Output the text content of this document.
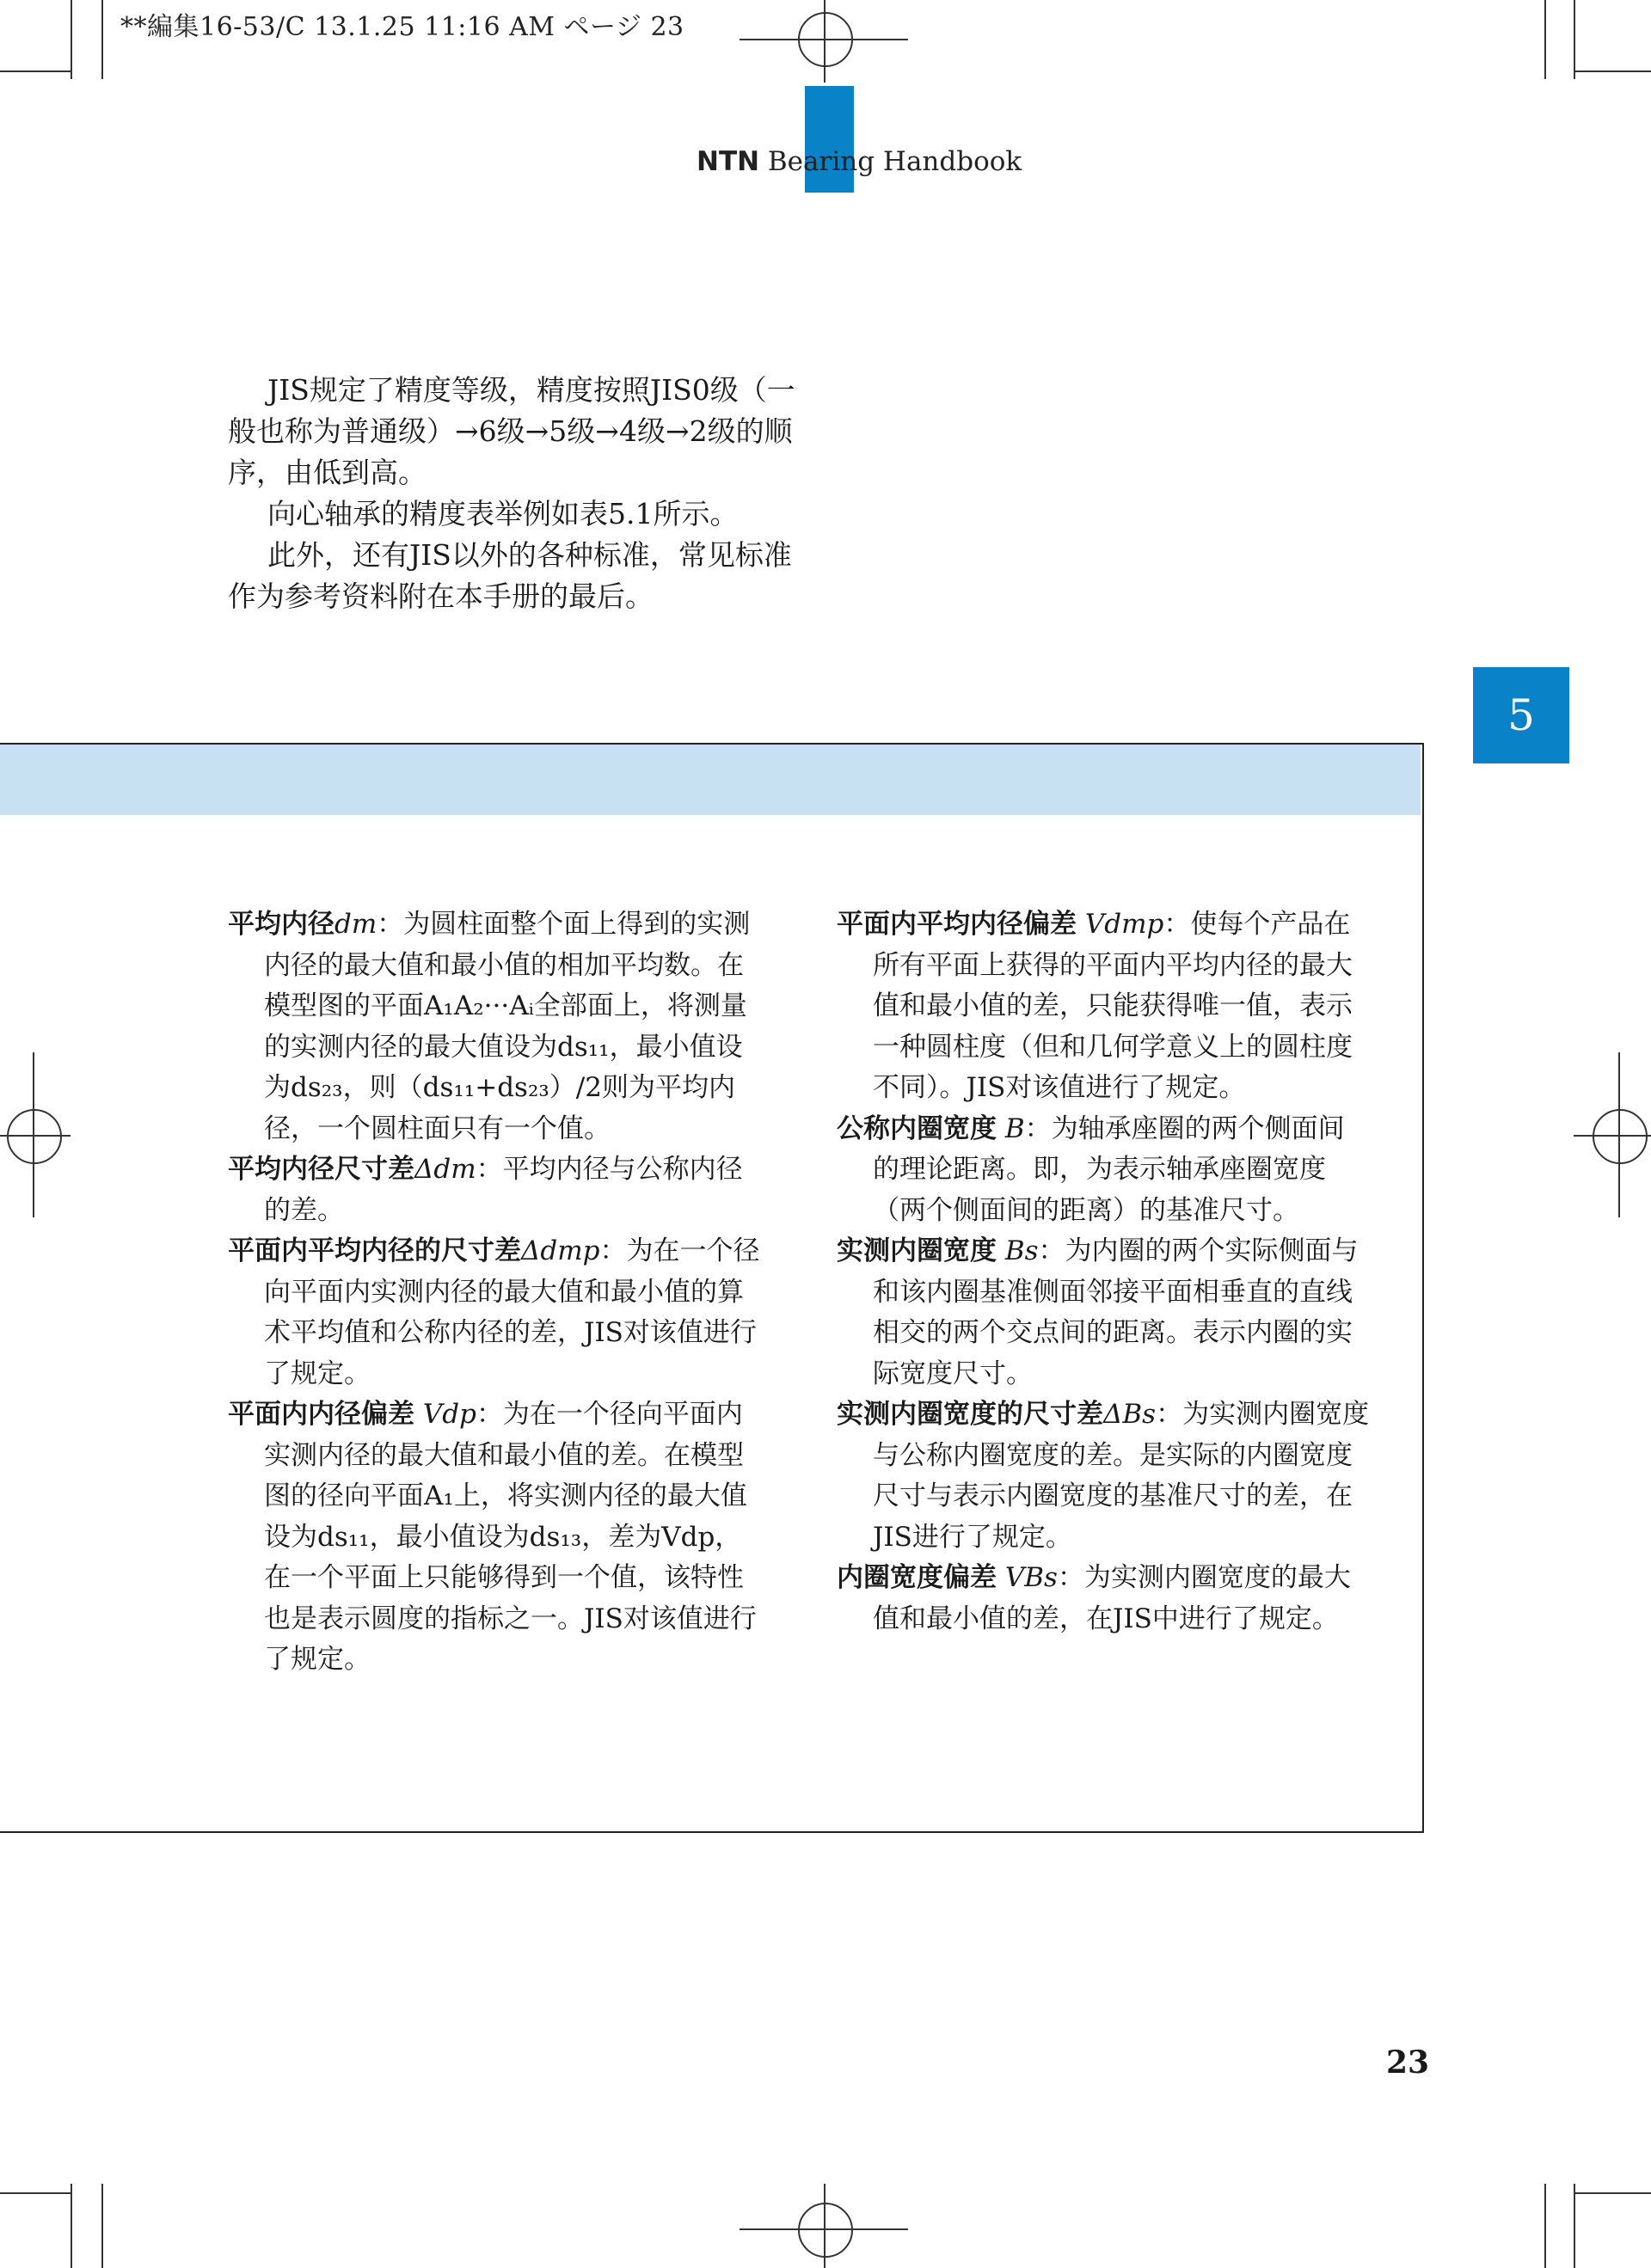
**編集16-53/C 13.1.25 11:16 AM ページ 23
NTN Bearing Handbook

JIS规定了精度等级，精度按照JIS0级（一般也称为普通级）→6级→5级→4级→2级的顺序，由低到高。

向心轴承的精度表举例如表5.1所示。

此外，还有JIS以外的各种标准，常见标准作为参考资料附在本手册的最后。

5

平均内径dm：为圆柱面整个面上得到的实测内径的最大值和最小值的相加平均数。在模型图的平面A₁A₂···Aᵢ全部面上，将测量的实测内径的最大值设为ds₁₁，最小值设为ds₂₃，则（ds₁₁+ds₂₃）/2则为平均内径，一个圆柱面只有一个值。

平均内径尺寸差Δdm：平均内径与公称内径的差。

平面内平均内径的尺寸差Δdmp：为在一个径向平面内实测内径的最大值和最小值的算术平均值和公称内径的差，JIS对该值进行了规定。

平面内内径偏差 Vdp：为在一个径向平面内实测内径的最大值和最小值的差。在模型图的径向平面A₁上，将实测内径的最大值设为ds₁₁，最小值设为ds₁₃，差为Vdp，在一个平面上只能够得到一个值，该特性也是表示圆度的指标之一。JIS对该值进行了规定。

平面内平均内径偏差 Vdmp：使每个产品在所有平面上获得的平面内平均内径的最大值和最小值的差，只能获得唯一值，表示一种圆柱度（但和几何学意义上的圆柱度不同）。JIS对该值进行了规定。

公称内圈宽度 B：为轴承座圈的两个侧面间的理论距离。即，为表示轴承座圈宽度（两个侧面间的距离）的基准尺寸。

实测内圈宽度 Bs：为内圈的两个实际侧面与和该内圈基准侧面邻接平面相垂直的直线相交的两个交点间的距离。表示内圈的实际宽度尺寸。

实测内圈宽度的尺寸差ΔBs：为实测内圈宽度与公称内圈宽度的差。是实际的内圈宽度尺寸与表示内圈宽度的基准尺寸的差，在JIS进行了规定。

内圈宽度偏差 VBs：为实测内圈宽度的最大值和最小值的差，在JIS中进行了规定。

23
